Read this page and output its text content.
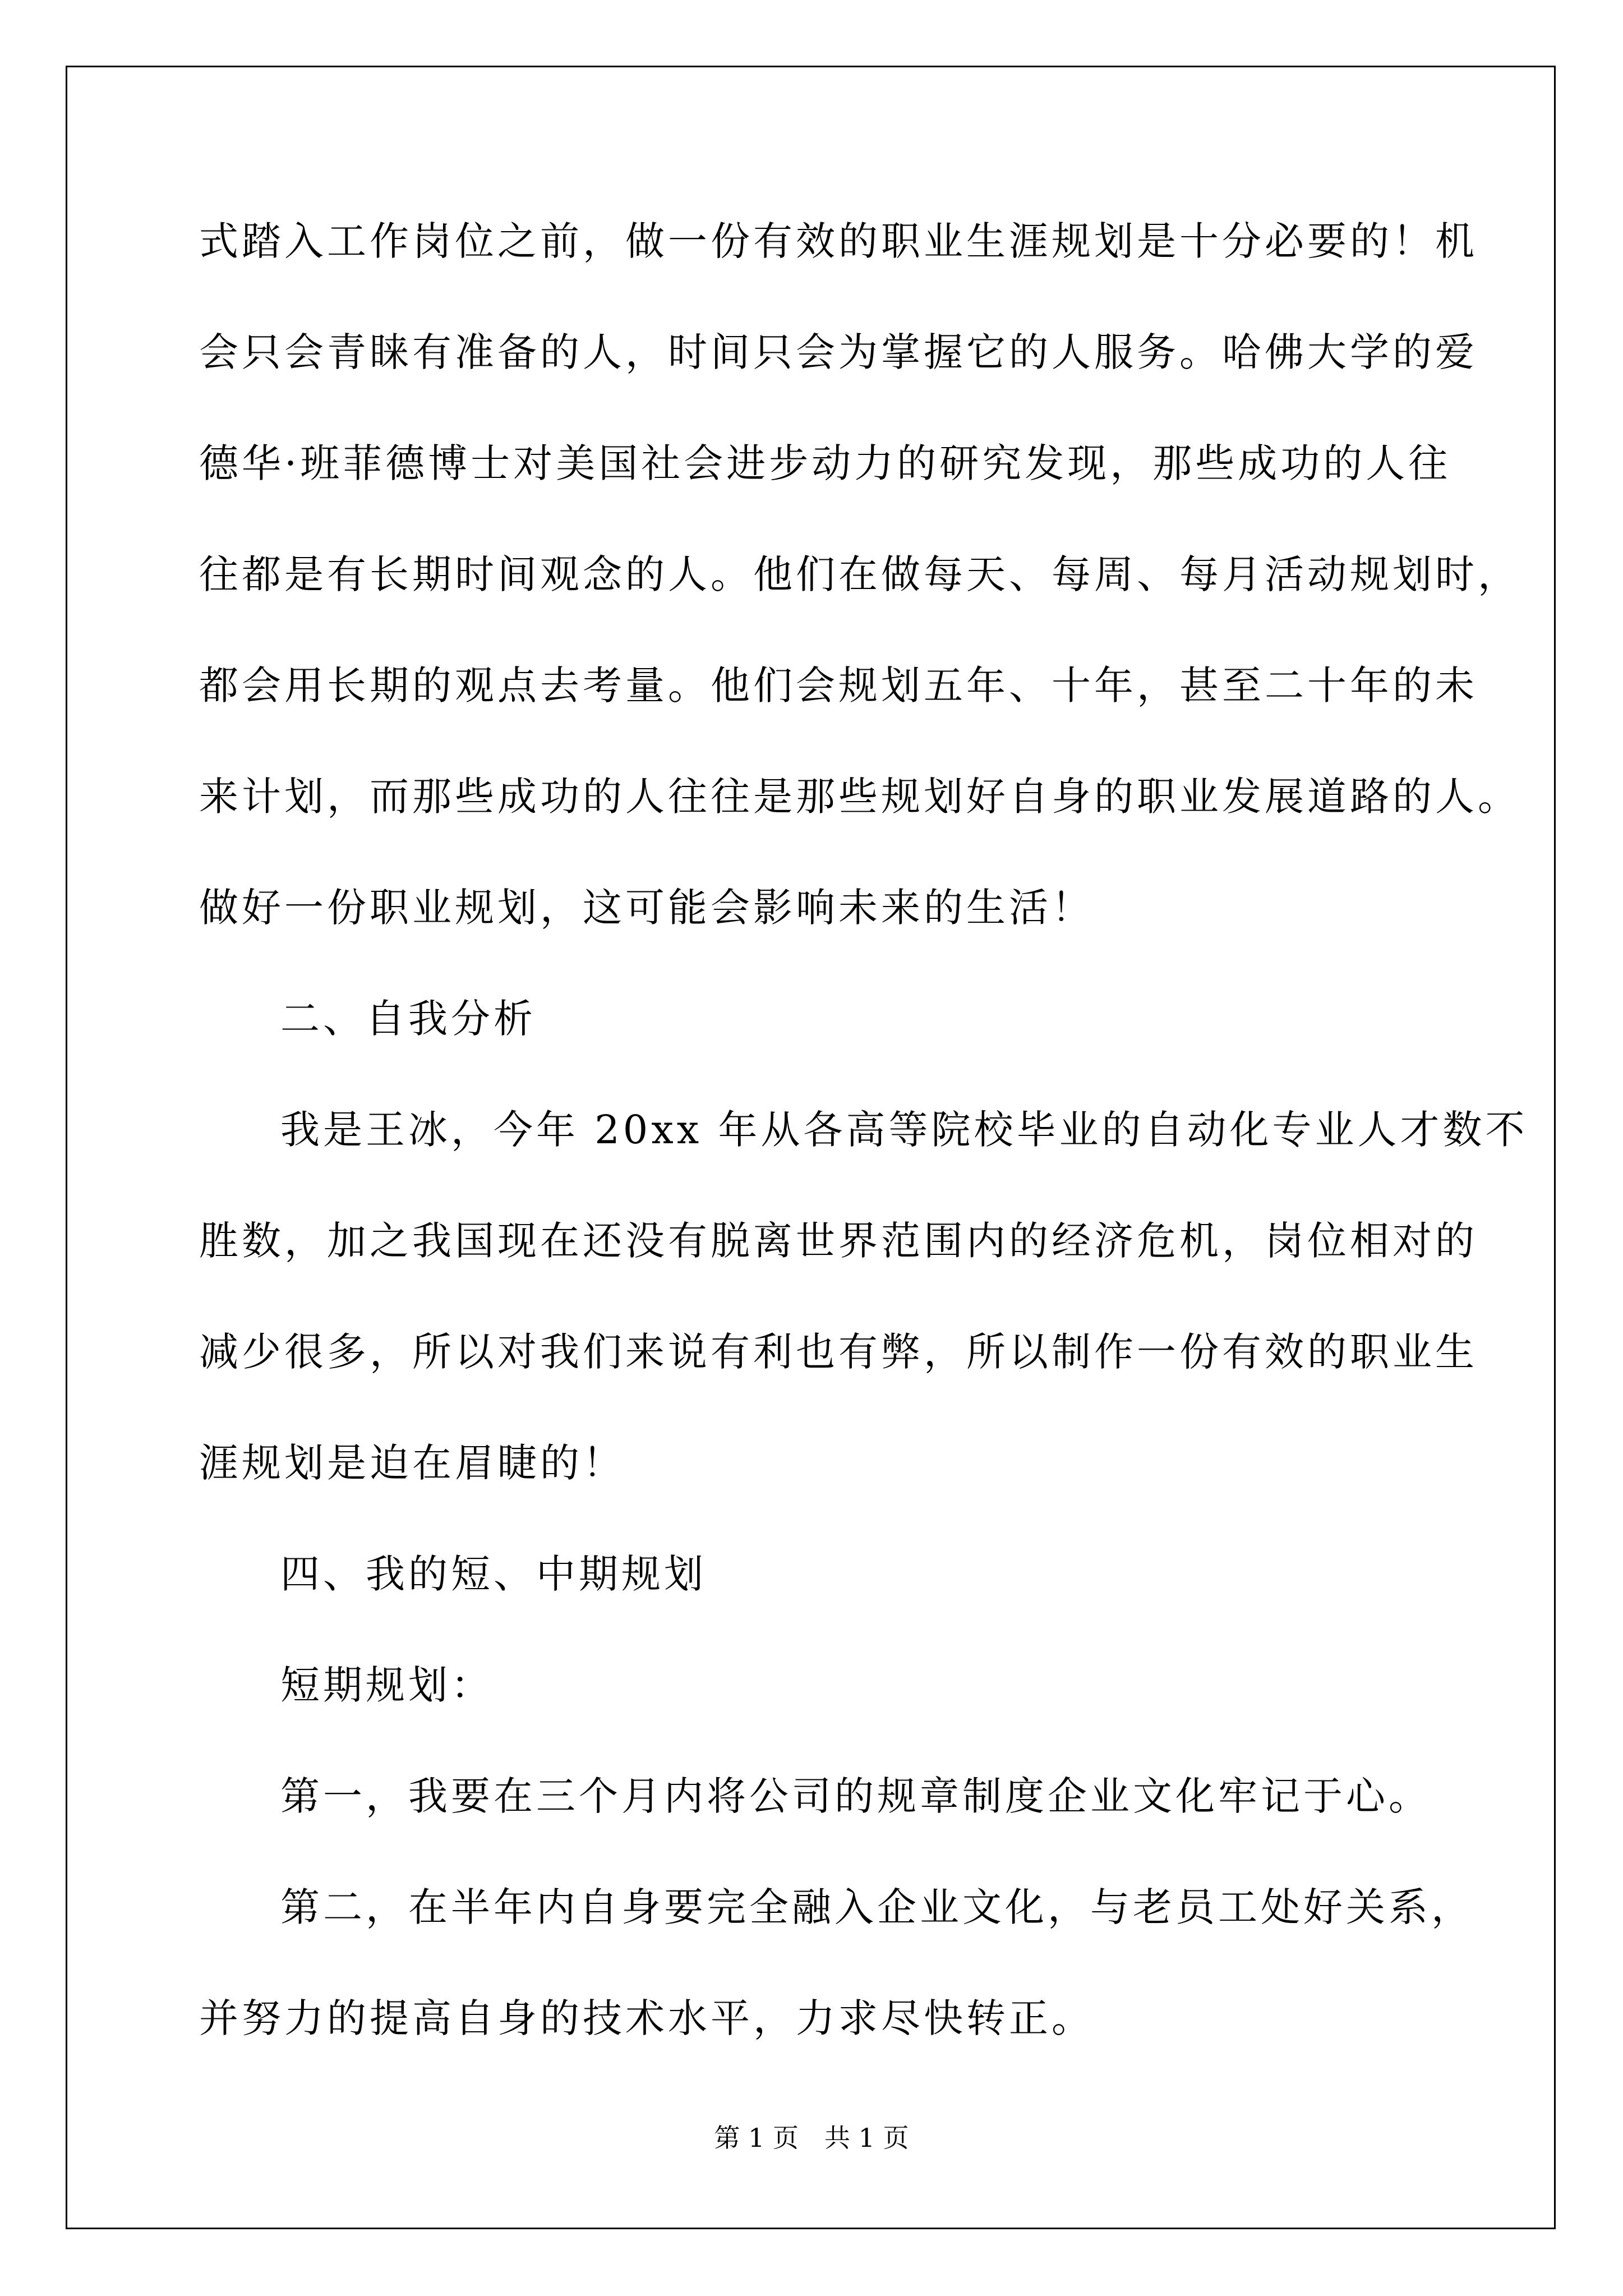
式踏入工作岗位之前，做一份有效的职业生涯规划是十分必要的！机
会只会青睐有准备的人，时间只会为掌握它的人服务。哈佛大学的爱
德华·班菲德博士对美国社会进步动力的研究发现，那些成功的人往
往都是有长期时间观念的人。他们在做每天、每周、每月活动规划时，
都会用长期的观点去考量。他们会规划五年、十年，甚至二十年的未
来计划，而那些成功的人往往是那些规划好自身的职业发展道路的人。
做好一份职业规划，这可能会影响未来的生活！
二、自我分析
我是王冰，今年 20xx 年从各高等院校毕业的自动化专业人才数不
胜数，加之我国现在还没有脱离世界范围内的经济危机，岗位相对的
减少很多，所以对我们来说有利也有弊，所以制作一份有效的职业生
涯规划是迫在眉睫的！
四、我的短、中期规划
短期规划：
第一，我要在三个月内将公司的规章制度企业文化牢记于心。
第二，在半年内自身要完全融入企业文化，与老员工处好关系，
并努力的提高自身的技术水平，力求尽快转正。
第 1 页　共 1 页
